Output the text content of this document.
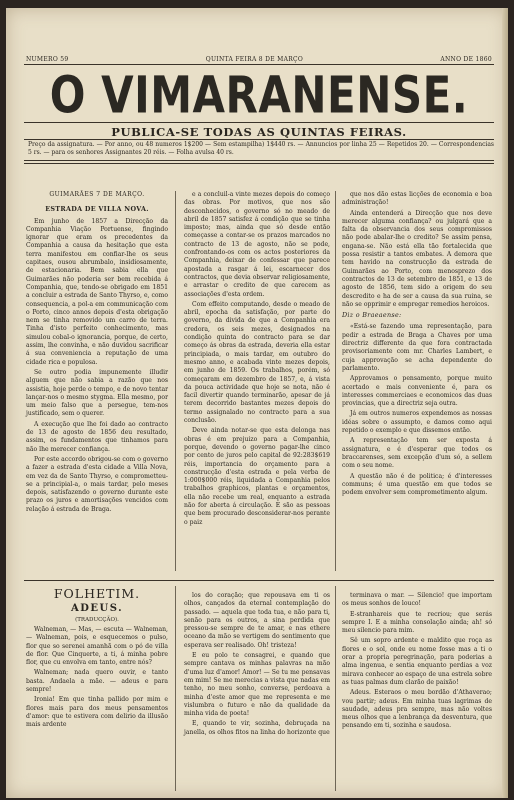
NUMERO 59	QUINTA FEIRA 8 DE MARÇO	ANNO DE 1860
O VIMARANENSE.
PUBLICA-SE TODAS AS QUINTAS FEIRAS.
Preço da assignatura. — Por anno, ou 48 numeros 1$200 — Sem estampilha) 1$440 rs. — Annuncios por linha 25 — Repetidos 20. — Correspondencias 5 rs. — para os senhores Assignantes 20 réis. — Folha avulsa 40 rs.
GUIMARÃES 7 DE MARÇO.
ESTRADA DE VILLA NOVA.

Em junho de 1857 a Direcção da Companhia Viação Portuense, fingindo ignorar que eram os precedentes da Companhia a causa da hesitação que esta terra manifestou em confiar-lhe os seus capitaes, ousou abrumbalo, insidiosamente, de estacionaria. Bem sabia ella que Guimarães não poderia ser bem recebida á Companhia, que, tendo-se obrigado em 1851 a concluir a estrada de Santo Thyrso, e, como consequencia, a pol-a em communicação com o Porto, cinco annos depois d'esta obrigação nem se tinha removido um carro de terra. Tinha d'isto perfeito conhecimento, mas simulou cobal-o ignorancia, porque, de certo, assim, lhe convinha, e não duvidou sacrificar á sua conveniencia a reputação de uma cidade rica e populosa.

Se outro podia impunemente illudir alguem que não sabia a razão que nos assistia, hoje perde o tempo, e de novo tentar lançar-nos o mesmo stygma. Ella mesmo, por um meio falso que a persegue, tem-nos justificado, sem o querer.

A execução que lhe foi dado ao contracto de 13 de agosto de 1856 deu resultado, assim, os fundamentos que tinhamos para não lhe merecer confiança.

Por este accordo obrigou-se com o governo a fazer a estrada d'esta cidade a Villa Nova, em vez da de Santo Thyrso, e comprometteu-se a principial-a, o mais tardar, pelo meses depois, satisfazendo o governo durante este prazo os juros e amortisações vencidos com relação á estrada de Braga.

e a concluil-a vinte mezes depois do começo das obras. Por motivos, que nos são desconhecidos, o governo só no meado de abril de 1857 satisfez á condição que se tinha imposto; mas, ainda que só desde então começasse a contar-se os prazos marcados no contracto de 13 de agosto, não se pode, confrontando-os com os actos posteriores da Companhia, deixar de confessar que parece apostada a rasgar á lei, escarnecer dos contractos, que devia observar religiosamente, e arrastar o credito de que carecem as associações d'esta ordem.

Com effeito computando, desde o meado de abril, epocha da satisfação, por parte do governo, da divida de que a Companhia era credora, os seis mezes, designados na condição quinta do contracto para se dar começo ás obras da estrada, deveria ella estar principiada, o mais tardar, em outubro do mesmo anno, e acabada vinte mezes depois, em junho de 1859. Os trabalhos, porém, só começaram em dezembro de 1857, e, á vista da pouca actividade que hoje se nota, não é facil divertir quando terminarão, apesar de já terem decorrido bastantes mezes depois do termo assignalado no contracto para a sua conclusão.

Deve ainda notar-se que esta delonga nas obras é em prejuizo para a Companhia, porque, devendo o governo pagar-lhe cinco por cento de juros pelo capital de 92:283$619 réis, importancia do orçamento para a construcção d'esta estrada e pela verba de 1:000$000 réis, liquidada a Companhia pelos trabalhos graphicos, plantas e orçamentos, ella não recebe um real, enquanto a estrada não for aberta á circulação. E são as pessoas que bem procurado desconsiderar-nos perante o paiz

que nos dão estas licções de economia e boa administração!

Ainda entenderá a Direcção que nos deve merecer alguma confiança? ou julgará que a falta da observancia dos seus compromissos não pode abalar-lhe o credito? Se assim pensa, engana-se. Não está ella tão fortalecida que possa resistir a tantos embates. A demora que tem havido na construcção da estrada de Guimarães ao Porto, com menosprezo dos contractos de 13 de setembro de 1851, e 13 de agosto de 1856, tem sido a origem do seu descredito e ha de ser a causa da sua ruina, se não se opprimir e empregar remedios heroicos.

Diz o Braeaense:

«Está-se fazendo uma representação, para pedir a estrada de Braga a Chaves por uma directriz differente da que fora contractada provisoriamente com mr. Charles Lambert, e cuja approvação se acha dependente do parlamento.

Approvamos o pensamento, porque muito acertado e mais conveniente é, para os interesses commerciaes e economicos das duas provincias, que a directriz seja outra.

Já em outros numeros expendemos as nossas idéas sobre o assumpto, e damos como aqui repetido o exemplo e que dissemos então.

A representação tem ser exposta á assignatura, e é d'esperar que todos os braccarenses, sem excepção d'um só, a sellem com o seu nome.

A questão não é de politica; é d'interesses communs; é uma questão em que todos se podem envolver sem comprometimento algum.

FOLHETIM.
ADEUS.
(TRADUCÇÃO).

Walneman, — Mas, — escuta — Walneman, — Walneman, pois, e esquecemos o pulso, flor que so serenei amanhã com o pó de villa de flor. Que Cinquerte, a ti, á minha pobre flor, que cu envolva em tanto, entre nós?

Walneman; nada quero ouvir, e tanto basta. Andaela a mãe. — adeus e para sempre!

Ironia! Em que tinha pallido por mim e flores mais para dos meus pensamentos d'amor: que te estivera com delirio da illusão mais ardente

los do coração; que repousava em ti os olhos, cançados da eternal contemplação do passado. — aquela que toda tua, e não para ti, senão para os outros, a sina perdida que pressou-se sempre de te amar, e nas ethere oceano da mão se vertigem do sentimento que esperava ser realisado. Oh! tristeza!

E eu polo te consagrei, e quando que sempre cantava os minhas palavras na mão d'uma luz d'amor! Amor! — Se tu me pensavas em mim! Se me merecias a vista que nadas em tenho, no meu sonho, converse, perdoava a minha d'este amor que me representa e me vislumbra o futuro e não da qualidade da minha vida de poeta!

E, quando te vir, sozinha, debruçada na janella, os olhos fitos na linha do horizonte que

terminava o mar. — Silencio! que importam os meus sonhos de louco!

E-stranhareis que te recriou; que serás sempre I. E a minha consolação ainda; ah! só meu silencio para mim.

Sê um sopro ardente e maldito que roça as flores e o sol, onde eu nome fosse mas a ti o orar a propria peregrinação, para poderias a alma ingenua, e sentia enquanto perdias a voz mirava conhecer ao espaço de una estrela sobre as tuas palmas dum clarão de paixão!

Adeus. Esteraos o meu bordão d'Athaverao; vou partir; adeus. Em minha tuas lagrimas de saudade, adeus pra sempre, mas não voltes meus olhos que a lenbrança da desventura, que pensando em ti, sozinha e saudosa.
